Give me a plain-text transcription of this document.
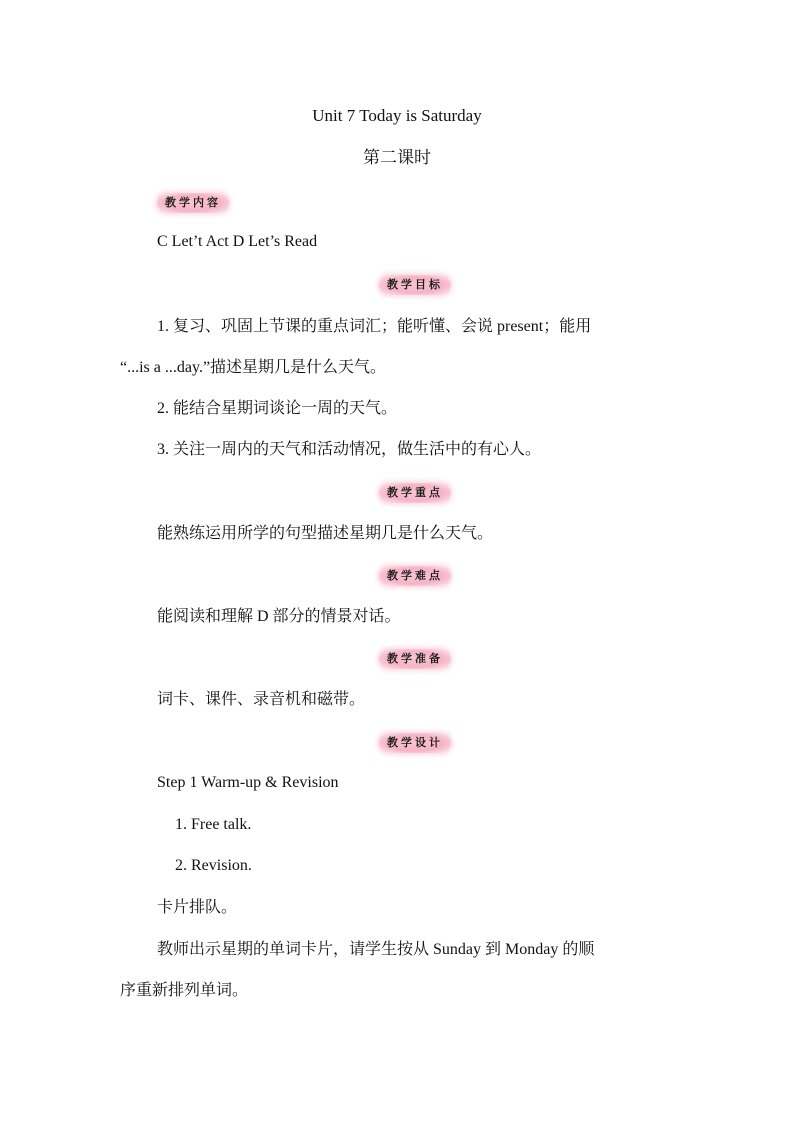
Unit 7 Today is Saturday
第二课时
教学内容
C Let’t Act D Let’s Read
教学目标
1. 复习、巩固上节课的重点词汇；能听懂、会说 present；能用
“...is a ...day.”描述星期几是什么天气。
2. 能结合星期词谈论一周的天气。
3. 关注一周内的天气和活动情况，做生活中的有心人。
教学重点
能熟练运用所学的句型描述星期几是什么天气。
教学难点
能阅读和理解 D 部分的情景对话。
教学准备
词卡、课件、录音机和磁带。
教学设计
Step 1 Warm-up & Revision
1. Free talk.
2. Revision.
卡片排队。
教师出示星期的单词卡片，请学生按从 Sunday 到 Monday 的顺
序重新排列单词。
